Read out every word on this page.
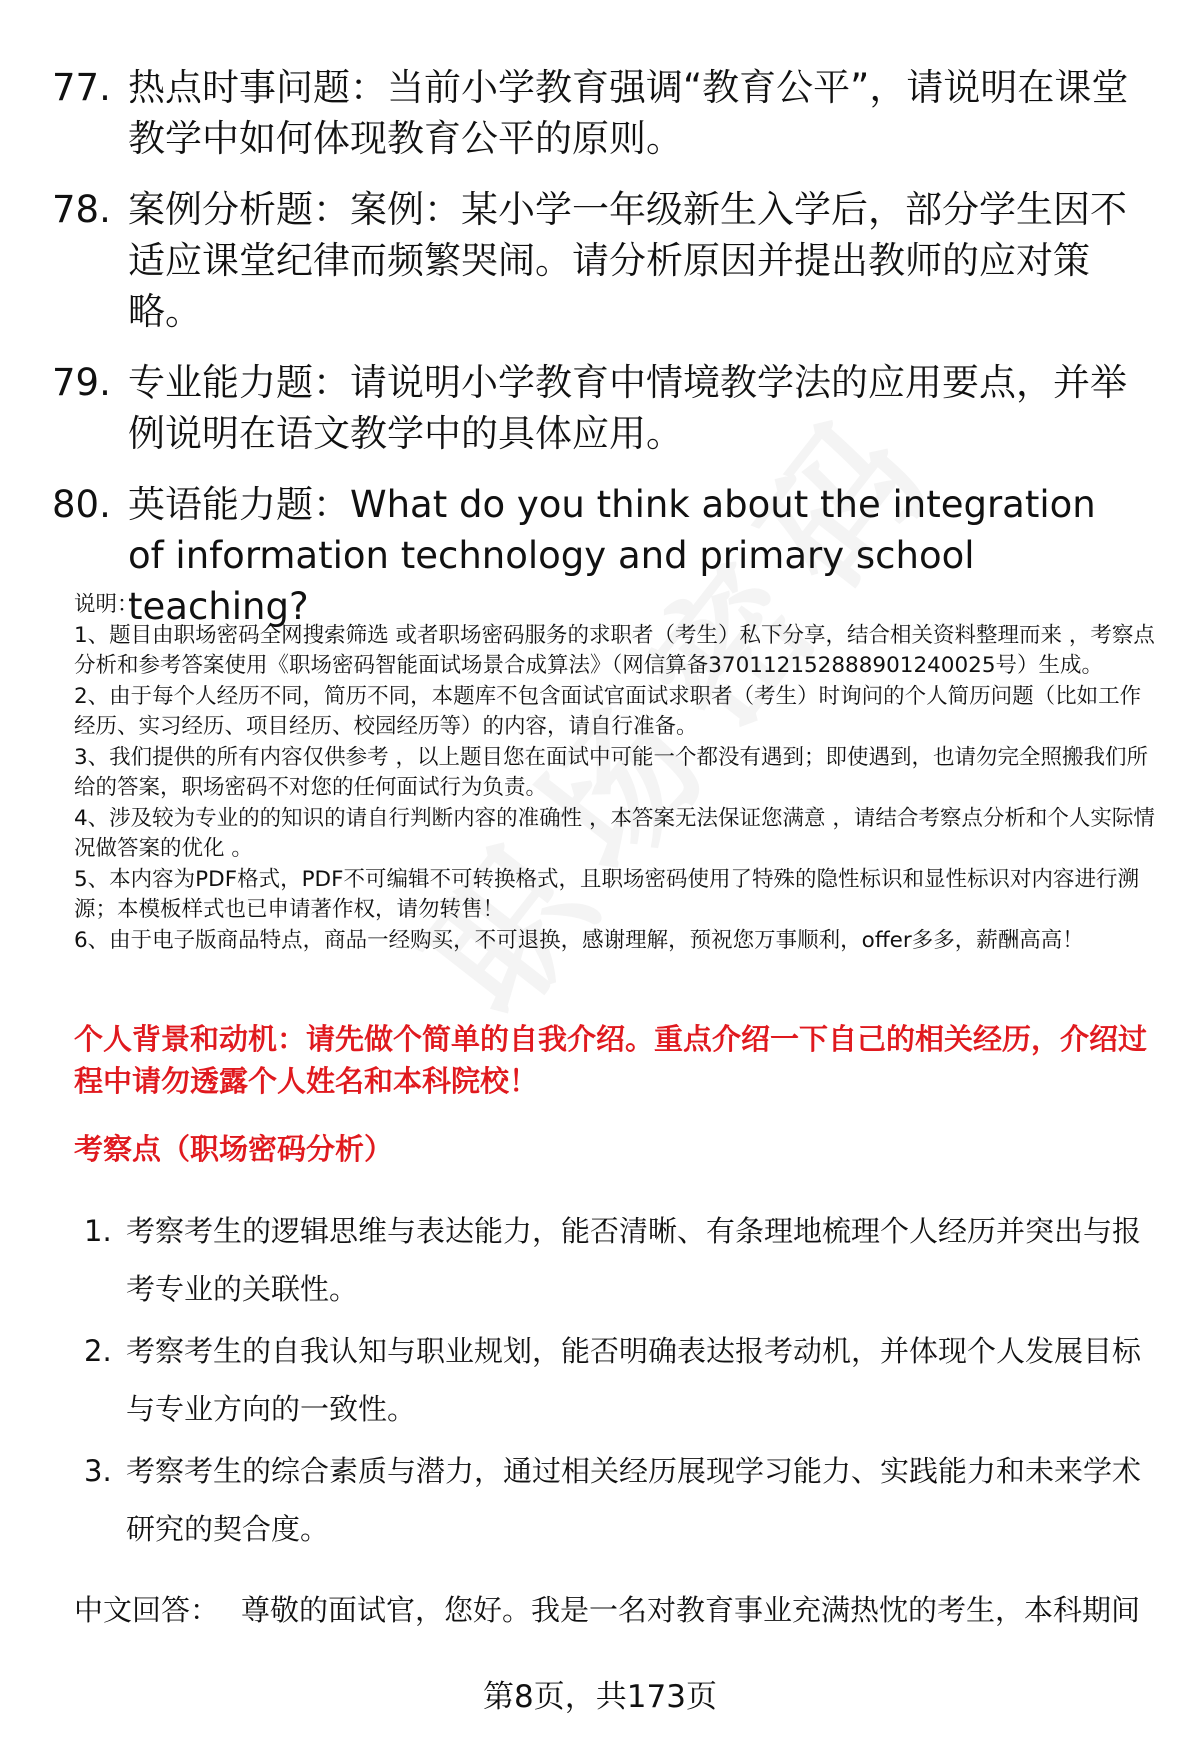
77. 热点时事问题：当前小学教育强调“教育公平”，请说明在课堂教学中如何体现教育公平的原则。
78. 案例分析题：案例：某小学一年级新生入学后，部分学生因不适应课堂纪律而频繁哭闹。请分析原因并提出教师的应对策略。
79. 专业能力题：请说明小学教育中情境教学法的应用要点，并举例说明在语文教学中的具体应用。
80. 英语能力题：What do you think about the integration of information technology and primary school teaching?

说明：

1、题目由职场密码全网搜索筛选 或者职场密码服务的求职者（考生）私下分享，结合相关资料整理而来 ，考察点分析和参考答案使用《职场密码智能面试场景合成算法》（网信算备370112152888901240025号）生成。

2、由于每个人经历不同，简历不同，本题库不包含面试官面试求职者（考生）时询问的个人简历问题（比如工作经历、实习经历、项目经历、校园经历等）的内容，请自行准备。

3、我们提供的所有内容仅供参考 ，以上题目您在面试中可能一个都没有遇到；即使遇到，也请勿完全照搬我们所给的答案，职场密码不对您的任何面试行为负责。

4、涉及较为专业的的知识的请自行判断内容的准确性 ，本答案无法保证您满意 ，请结合考察点分析和个人实际情况做答案的优化 。

5、本内容为PDF格式，PDF不可编辑不可转换格式，且职场密码使用了特殊的隐性标识和显性标识对内容进行溯源；本模板样式也已申请著作权，请勿转售！

6、由于电子版商品特点，商品一经购买，不可退换，感谢理解，预祝您万事顺利，offer多多，薪酬高高！

个人背景和动机：请先做个简单的自我介绍。重点介绍一下自己的相关经历，介绍过程中请勿透露个人姓名和本科院校！
考察点（职场密码分析）
1. 考察考生的逻辑思维与表达能力，能否清晰、有条理地梳理个人经历并突出与报考专业的关联性。
2. 考察考生的自我认知与职业规划，能否明确表达报考动机，并体现个人发展目标与专业方向的一致性。
3. 考察考生的综合素质与潜力，通过相关经历展现学习能力、实践能力和未来学术研究的契合度。
中文回答： 尊敬的面试官，您好。我是一名对教育事业充满热忱的考生，本科期间
第8页，共173页
